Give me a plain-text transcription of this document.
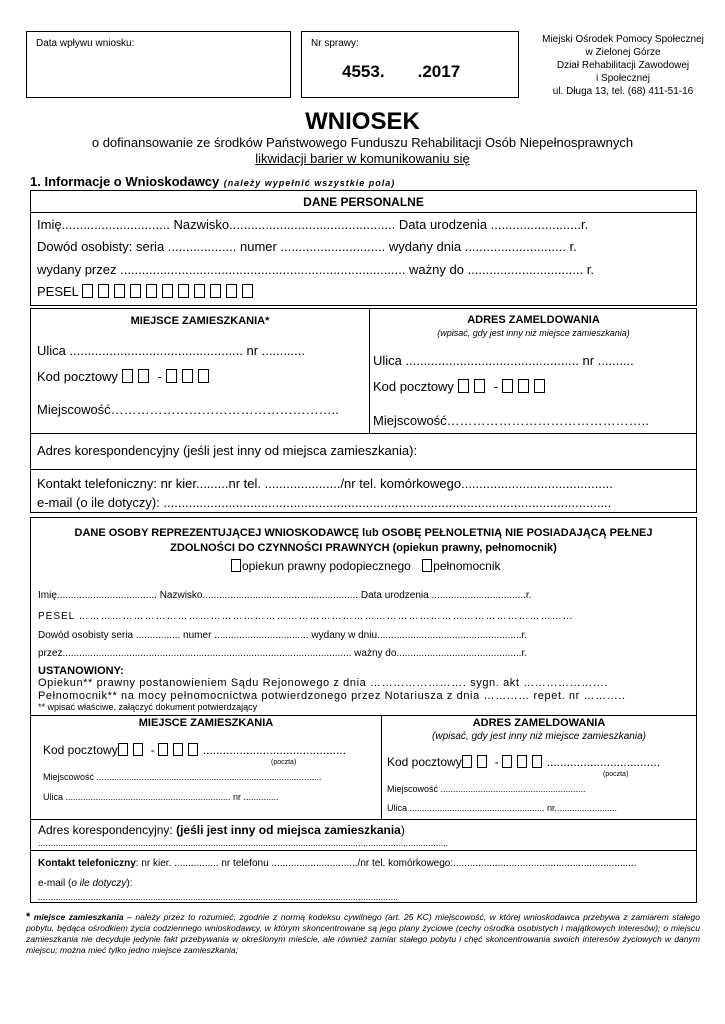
Data wpływu wniosku:	Nr sprawy:
4553.       .2017
Miejski Ośrodek Pomocy Społecznej
w Zielonej Górze
Dział Rehabilitacji Zawodowej
i Społecznej
ul. Długa 13, tel. (68) 411-51-16
WNIOSEK
o dofinansowanie ze środków Państwowego Funduszu Rehabilitacji Osób Niepełnosprawnych
likwidacji barier w komunikowaniu się
1. Informacje o Wnioskodawcy (należy wypełnić wszystkie pola)
DANE PERSONALNE
Imię.............................. Nazwisko.............................................. Data urodzenia .........................r.
Dowód osobisty: seria ................... numer ............................. wydany dnia ............................ r.
wydany przez ............................................................................... ważny do ................................ r.
PESEL
MIEJSCE ZAMIESZKANIA*
Ulica ................................................ nr ............
Kod pocztowy	-
Miejscowość……………………………………………..
ADRES ZAMELDOWANIA
(wpisać, gdy jest inny niż miejsce zamieszkania)
Ulica ................................................ nr ..........
Kod pocztowy	-
Miejscowość………………………………………..
Adres korespondencyjny (jeśli jest inny od miejsca zamieszkania):
Kontakt telefoniczny: nr kier.........nr tel. ...................../nr tel. komórkowego..........................................
e-mail (o ile dotyczy): ............................................................................................................................
DANE OSOBY REPREZENTUJĄCEJ WNIOSKODAWCĘ lub OSOBĘ PEŁNOLETNIĄ NIE POSIADAJĄCĄ PEŁNEJ ZDOLNOŚCI DO CZYNNOŚCI PRAWNYCH (opiekun prawny, pełnomocnik)
opiekun prawny podopiecznego pełnomocnik
Imię.................................... Nazwisko........................................................ Data urodzenia ..................................r.
PESEL ………………………………………………………………………………………………………………………
Dowód osobisty seria ................ numer .................................. wydany w dniu....................................................r.
przez........................................................................................................ ważny do.............................................r.
USTANOWIONY:
Opiekun** prawny postanowieniem Sądu Rejonowego z dnia ……………………. sygn. akt ………………….
Pełnomocnik** na mocy pełnomocnictwa potwierdzonego przez Notariusza z dnia ………… repet. nr ………..
** wpisać właściwe, załączyć dokument potwierdzający
MIEJSCE ZAMIESZKANIA
Kod pocztowy	-	...........................................
(poczta)
Miejscowość ..........................................................................................
Ulica .................................................................. nr ..............
ADRES ZAMELDOWANIA
(wpisać, gdy jest inny niż miejsce zamieszkania)
Kod pocztowy	-	..................................
(poczta)
Miejscowość ..........................................................
Ulica ...................................................... nr.........................
Adres korespondencyjny: (jeśli jest inny od miejsca zamieszkania)
....................................................................................................................................................................
Kontakt telefoniczny: nr kier. ................ nr telefonu .............................../nr tel. komórkowego:..................................................................
e-mail (o ile dotyczy):
................................................................................................................................................
* miejsce zamieszkania – należy przez to rozumieć, zgodnie z normą kodeksu cywilnego (art. 25 KC) miejscowość, w której wnioskodawca przebywa z zamiarem stałego pobytu, będąca ośrodkiem życia codziennego wnioskodawcy, w którym skoncentrowane są jego plany życiowe (cechy ośrodka osobistych i majątkowych interesów); o miejscu zamieszkania nie decyduje jedynie fakt przebywania w określonym mieście, ale również zamiar stałego pobytu i chęć skoncentrowania swoich interesów życiowych w danym miejscu; można mieć tylko jedno miejsce zamieszkania;
